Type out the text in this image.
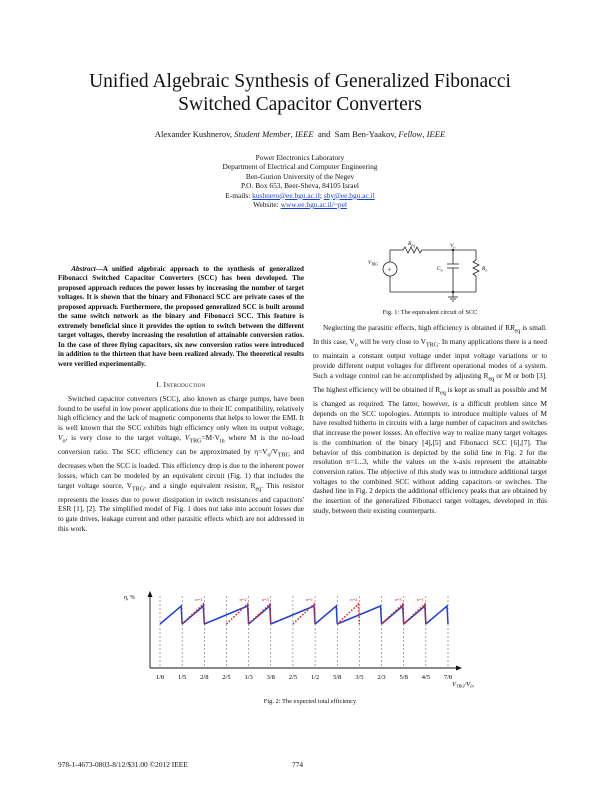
Unified Algebraic Synthesis of Generalized Fibonacci
Switched Capacitor Converters
Alexander Kushnerov, Student Member, IEEE and Sam Ben-Yaakov, Fellow, IEEE
Power Electronics Laboratory
Department of Electrical and Computer Engineering
Ben-Gurion University of the Negev
P.O. Box 653, Beer-Sheva, 84105 Israel
E-mails: kushnero@ee.bgu.ac.il; sby@ee.bgu.ac.il
Website: www.ee.bgu.ac.il/~pel
Abstract—A unified algebraic approach to the synthesis of generalized Fibonacci Switched Capacitor Converters (SCC) has been developed. The proposed approach reduces the power losses by increasing the number of target voltages. It is shown that the binary and Fibonacci SCC are private cases of the proposed approach. Furthermore, the proposed generalized SCC is built around the same switch network as the binary and Fibonacci SCC. This feature is extremely beneficial since it provides the option to switch between the different target voltages, thereby increasing the resolution of attainable conversion ratios. In the case of three flying capacitors, six new conversion ratios were introduced in addition to the thirteen that have been realized already. The theoretical results were verified experimentally.
I. Introduction
Switched capacitor converters (SCC), also known as charge pumps, have been found to be useful in low power applications due to their IC compatibility, relatively high efficiency and the lack of magnetic components that helps to lower the EMI. It is well known that the SCC exhibits high efficiency only when its output voltage, $V_o$, is very close to the target voltage, $V_{TRG}=M\cdot V_{in}$ where M is the no-load conversion ratio. The SCC efficiency can be approximated by $\eta=V_o/V_{TRG}$ and decreases when the SCC is loaded. This efficiency drop is due to the inherent power losses, which can be modeled by an equivalent circuit (Fig. 1) that includes the target voltage source, $V_{TRG}$, and a single equivalent resistor, $R_{eq}$. This resistor represents the losses due to power dissipation in switch resistances and capacitors' ESR [1], [2]. The simplified model of Fig. 1 does not take into account losses due to gate drives, leakage current and other parasitic effects which are not addressed in this work.
+
$R_{eq}$	$V_o$
$V_{TRG}$
$C_o$	$R_o$
Fig. 1: The equivalent circuit of SCC
Neglecting the parasitic effects, high efficiency is obtained if $RR_{eq}$ is small. In this case, $V_o$ will be very close to $V_{TRG}$. In many applications there is a need to maintain a constant output voltage under input voltage variations or to provide different output voltages for different operational modes of a system. Such a voltage control can be accomplished by adjusting $R_{eq}$ or M or both [3]. The highest efficiency will be obtained if $R_{eq}$ is kept as small as possible and M is changed as required. The latter, however, is a difficult problem since M depends on the SCC topologies. Attempts to introduce multiple values of M have resulted hitherto in circuits with a large number of capacitors and switches that increase the power losses. An effective way to realize many target voltages is the combination of the binary [4],[5] and Fibonacci SCC [6],[7]. The behavior of this combination is depicted by the solid line in Fig. 2 for the resolution n=1...3, while the values on the x-axis represent the attainable conversion ratios. The objective of this study was to introduce additional target voltages to the combined SCC without adding capacitors or switches. The dashed line in Fig. 2 depicts the additional efficiency peaks that are obtained by the insertion of the generalized Fibonacci target voltages, developed in this study, between their existing counterparts.
η, %	n=1	n=2	n=3	n=1	n=2	n=3	n=1
1/8 1/5 2/8 2/5 1/3 3/8 2/5 1/2 5/8 3/5 2/3 5/8 4/5 7/8
$V_{TRG}/V_{in}$
Fig. 2: The expected total efficiency
978-1-4673-0803-8/12/$31.00 ©2012 IEEE	774
